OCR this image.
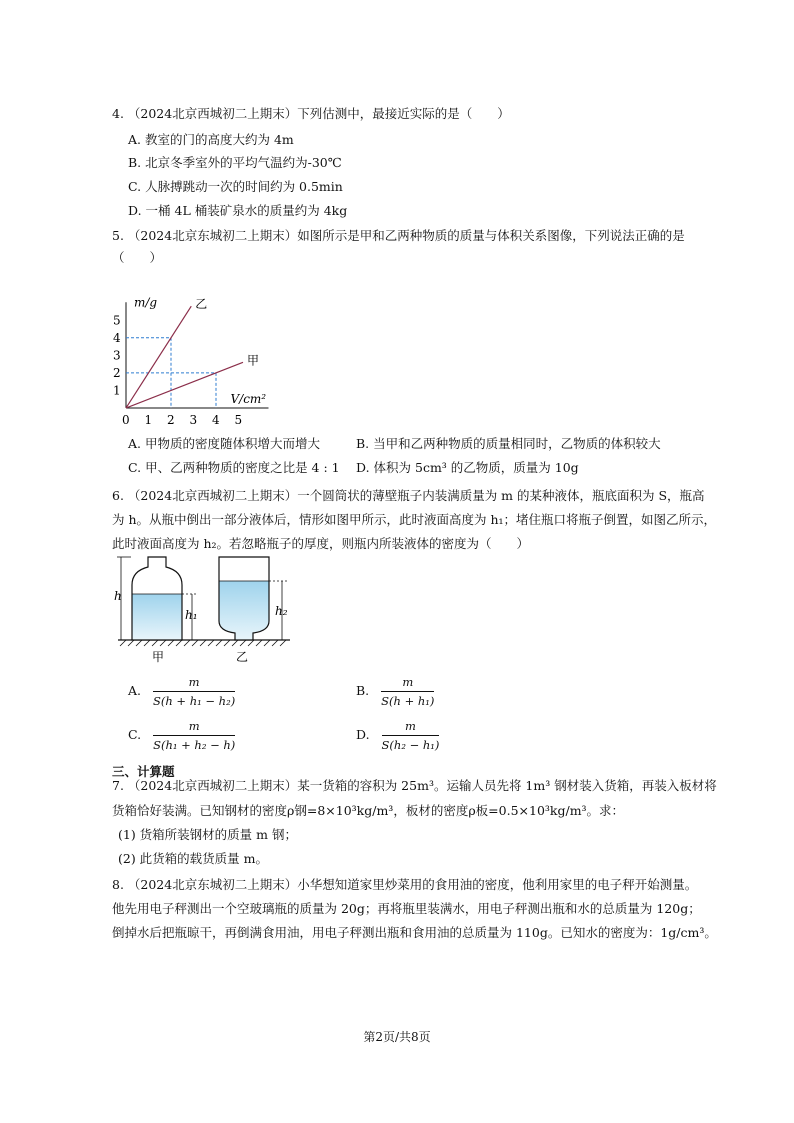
4. （2024北京西城初二上期末）下列估测中，最接近实际的是（　　）
A. 教室的门的高度大约为 4m
B. 北京冬季室外的平均气温约为-30℃
C. 人脉搏跳动一次的时间约为 0.5min
D. 一桶 4L 桶装矿泉水的质量约为 4kg
5. （2024北京东城初二上期末）如图所示是甲和乙两种物质的质量与体积关系图像，下列说法正确的是
（　　）
m/g
V/cm²
0 1 2 3 4 5
1
2
3
4
5
乙
甲
A. 甲物质的密度随体积增大而增大	B. 当甲和乙两种物质的质量相同时，乙物质的体积较大
C. 甲、乙两种物质的密度之比是 4 : 1 D. 体积为 5cm³ 的乙物质，质量为 10g
6. （2024北京西城初二上期末）一个圆筒状的薄壁瓶子内装满质量为 m 的某种液体，瓶底面积为 S，瓶高
为 h。从瓶中倒出一部分液体后，情形如图甲所示，此时液面高度为 h₁；堵住瓶口将瓶子倒置，如图乙所示，
此时液面高度为 h₂。若忽略瓶子的厚度，则瓶内所装液体的密度为（　　）
h
h₁	h₂
甲	乙
A. $\frac{m}{\text{S(h + h₁ − h₂)}}$	B. $\frac{m}{\text{S(h + h₁)}}$
C. $\frac{m}{\text{S(h₁ + h₂ − h)}}$	D. $\frac{m}{\text{S(h₂ − h₁)}}$
三、计算题
7. （2024北京西城初二上期末）某一货箱的容积为 25m³。运输人员先将 1m³ 钢材装入货箱，再装入板材将
货箱恰好装满。已知钢材的密度ρ钢=8×10³kg/m³，板材的密度ρ板=0.5×10³kg/m³。求：
(1) 货箱所装钢材的质量 m 钢；
(2) 此货箱的载货质量 m。
8. （2024北京东城初二上期末）小华想知道家里炒菜用的食用油的密度，他利用家里的电子秤开始测量。
他先用电子秤测出一个空玻璃瓶的质量为 20g；再将瓶里装满水，用电子秤测出瓶和水的总质量为 120g；
倒掉水后把瓶晾干，再倒满食用油，用电子秤测出瓶和食用油的总质量为 110g。已知水的密度为：1g/cm³。
第2页/共8页
